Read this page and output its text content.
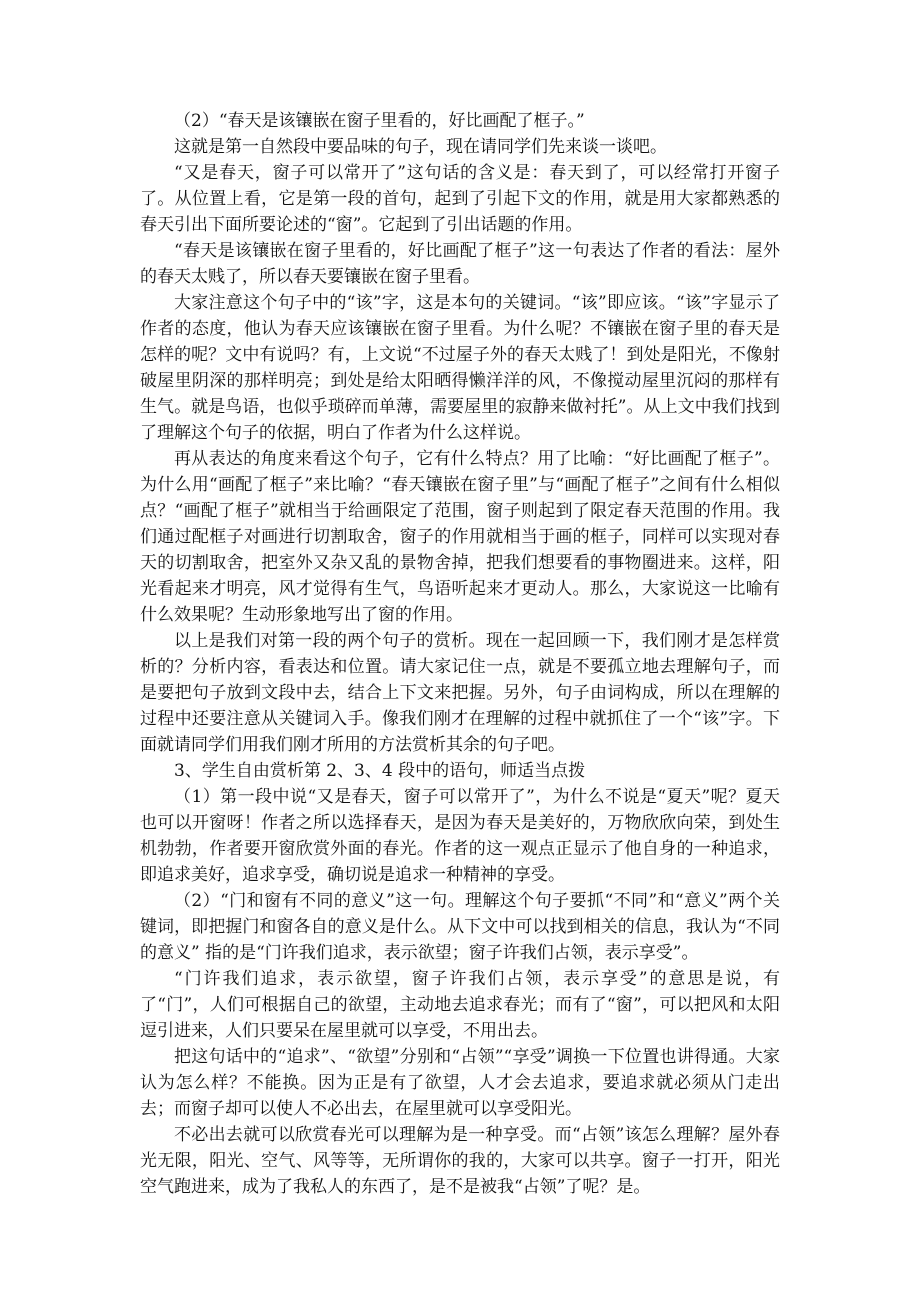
（2）“春天是该镶嵌在窗子里看的，好比画配了框子。”

这就是第一自然段中要品味的句子，现在请同学们先来谈一谈吧。

“又是春天，窗子可以常开了”这句话的含义是：春天到了，可以经常打开窗子了。从位置上看，它是第一段的首句，起到了引起下文的作用，就是用大家都熟悉的春天引出下面所要论述的“窗”。它起到了引出话题的作用。

“春天是该镶嵌在窗子里看的，好比画配了框子”这一句表达了作者的看法：屋外的春天太贱了，所以春天要镶嵌在窗子里看。

大家注意这个句子中的“该”字，这是本句的关键词。“该”即应该。“该”字显示了作者的态度，他认为春天应该镶嵌在窗子里看。为什么呢？不镶嵌在窗子里的春天是怎样的呢？文中有说吗？有，上文说“不过屋子外的春天太贱了！到处是阳光，不像射破屋里阴深的那样明亮；到处是给太阳晒得懒洋洋的风，不像搅动屋里沉闷的那样有生气。就是鸟语，也似乎琐碎而单薄，需要屋里的寂静来做衬托”。从上文中我们找到了理解这个句子的依据，明白了作者为什么这样说。

再从表达的角度来看这个句子，它有什么特点？用了比喻：“好比画配了框子”。为什么用“画配了框子”来比喻？“春天镶嵌在窗子里”与“画配了框子”之间有什么相似点？“画配了框子”就相当于给画限定了范围，窗子则起到了限定春天范围的作用。我们通过配框子对画进行切割取舍，窗子的作用就相当于画的框子，同样可以实现对春天的切割取舍，把室外又杂又乱的景物舍掉，把我们想要看的事物圈进来。这样，阳光看起来才明亮，风才觉得有生气，鸟语听起来才更动人。那么，大家说这一比喻有什么效果呢？生动形象地写出了窗的作用。

以上是我们对第一段的两个句子的赏析。现在一起回顾一下，我们刚才是怎样赏析的？分析内容，看表达和位置。请大家记住一点，就是不要孤立地去理解句子，而是要把句子放到文段中去，结合上下文来把握。另外，句子由词构成，所以在理解的过程中还要注意从关键词入手。像我们刚才在理解的过程中就抓住了一个“该”字。下面就请同学们用我们刚才所用的方法赏析其余的句子吧。

3、学生自由赏析第 2、3、4 段中的语句，师适当点拨

（1）第一段中说“又是春天，窗子可以常开了”，为什么不说是“夏天”呢？夏天也可以开窗呀！作者之所以选择春天，是因为春天是美好的，万物欣欣向荣，到处生机勃勃，作者要开窗欣赏外面的春光。作者的这一观点正显示了他自身的一种追求，即追求美好，追求享受，确切说是追求一种精神的享受。

（2）“门和窗有不同的意义”这一句。理解这个句子要抓“不同”和“意义”两个关键词，即把握门和窗各自的意义是什么。从下文中可以找到相关的信息，我认为“不同的意义” 指的是“门许我们追求，表示欲望；窗子许我们占领，表示享受”。

“门许我们追求，表示欲望，窗子许我们占领，表示享受”的意思是说，有了“门”，人们可根据自己的欲望，主动地去追求春光；而有了“窗”，可以把风和太阳逗引进来，人们只要呆在屋里就可以享受，不用出去。

把这句话中的“追求”、“欲望”分别和“占领”“享受”调换一下位置也讲得通。大家认为怎么样？不能换。因为正是有了欲望，人才会去追求，要追求就必须从门走出去；而窗子却可以使人不必出去，在屋里就可以享受阳光。

不必出去就可以欣赏春光可以理解为是一种享受。而“占领”该怎么理解？屋外春光无限，阳光、空气、风等等，无所谓你的我的，大家可以共享。窗子一打开，阳光空气跑进来，成为了我私人的东西了，是不是被我“占领”了呢？是。
